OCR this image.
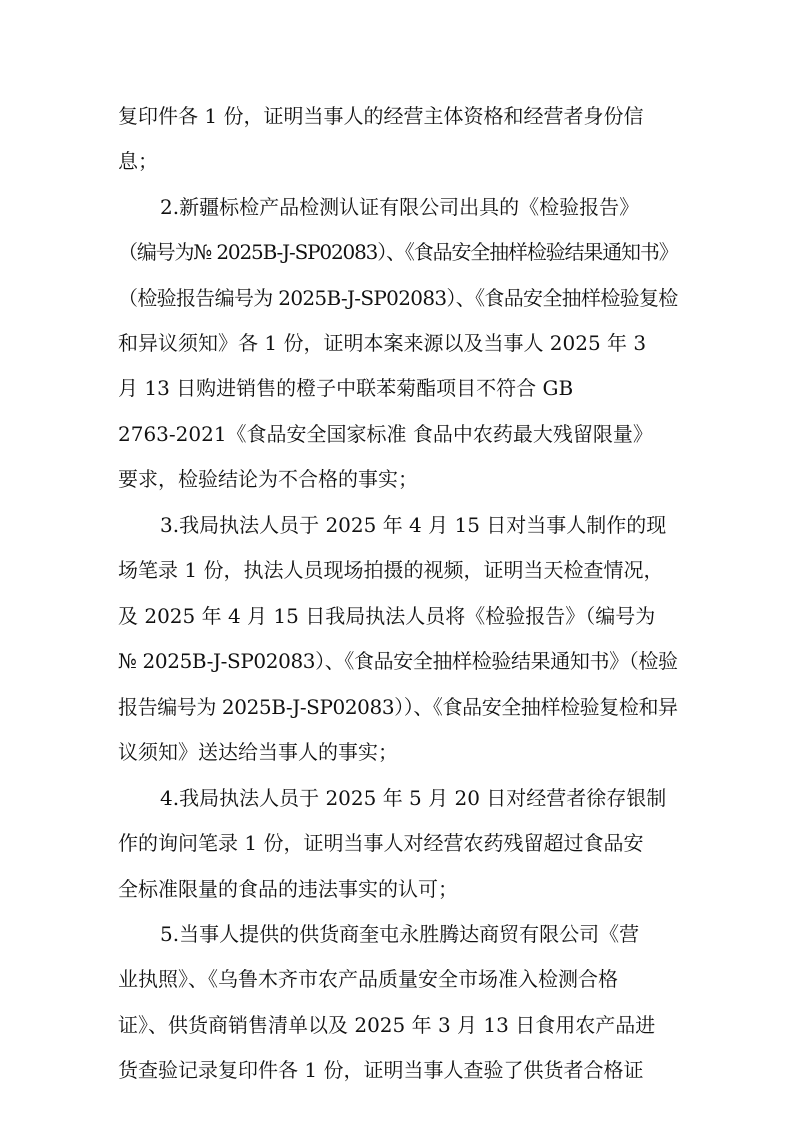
复印件各 1 份，证明当事人的经营主体资格和经营者身份信
息；
2.新疆标检产品检测认证有限公司出具的《检验报告》
（编号为№ 2025B-J-SP02083）、《食品安全抽样检验结果通知书》
（检验报告编号为 2025B-J-SP02083）、《食品安全抽样检验复检
和异议须知》各 1 份，证明本案来源以及当事人 2025 年 3
月 13 日购进销售的橙子中联苯菊酯项目不符合 GB
2763-2021《食品安全国家标准 食品中农药最大残留限量》
要求，检验结论为不合格的事实；
3.我局执法人员于 2025 年 4 月 15 日对当事人制作的现
场笔录 1 份，执法人员现场拍摄的视频，证明当天检查情况，
及 2025 年 4 月 15 日我局执法人员将《检验报告》（编号为
№ 2025B-J-SP02083）、《食品安全抽样检验结果通知书》（检验
报告编号为 2025B-J-SP02083））、《食品安全抽样检验复检和异
议须知》送达给当事人的事实；
4.我局执法人员于 2025 年 5 月 20 日对经营者徐存银制
作的询问笔录 1 份，证明当事人对经营农药残留超过食品安
全标准限量的食品的违法事实的认可；
5.当事人提供的供货商奎屯永胜腾达商贸有限公司《营
业执照》、《乌鲁木齐市农产品质量安全市场准入检测合格
证》、供货商销售清单以及 2025 年 3 月 13 日食用农产品进
货查验记录复印件各 1 份，证明当事人查验了供货者合格证
